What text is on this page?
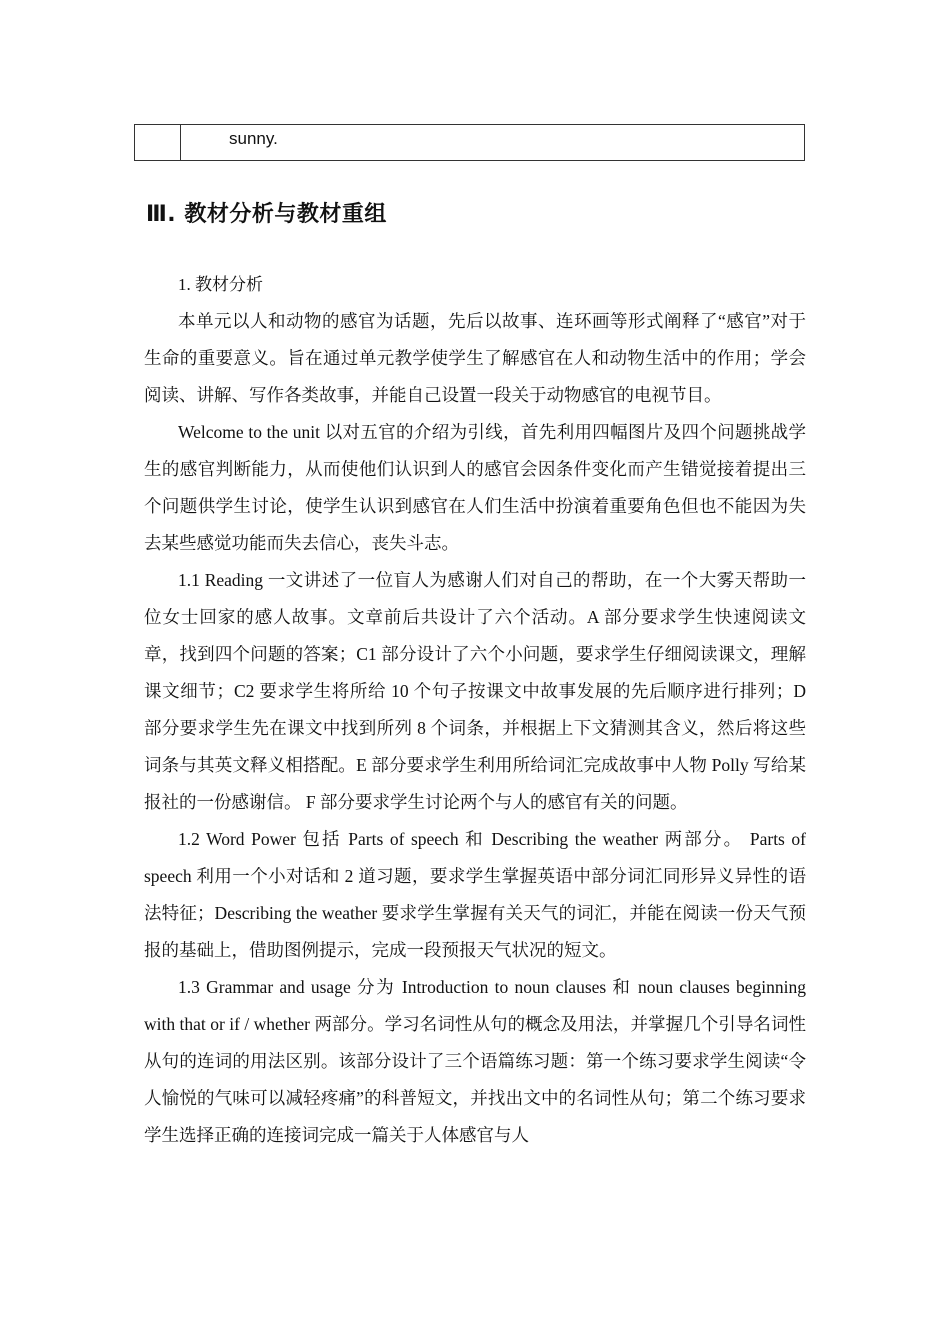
	sunny.
Ⅲ. 教材分析与教材重组
1. 教材分析

本单元以人和动物的感官为话题，先后以故事、连环画等形式阐释了“感官”对于生命的重要意义。旨在通过单元教学使学生了解感官在人和动物生活中的作用；学会阅读、讲解、写作各类故事，并能自己设置一段关于动物感官的电视节目。

Welcome to the unit 以对五官的介绍为引线，首先利用四幅图片及四个问题挑战学生的感官判断能力，从而使他们认识到人的感官会因条件变化而产生错觉接着提出三个问题供学生讨论，使学生认识到感官在人们生活中扮演着重要角色但也不能因为失去某些感觉功能而失去信心，丧失斗志。

1.1 Reading 一文讲述了一位盲人为感谢人们对自己的帮助，在一个大雾天帮助一位女士回家的感人故事。文章前后共设计了六个活动。A 部分要求学生快速阅读文章，找到四个问题的答案；C1 部分设计了六个小问题，要求学生仔细阅读课文，理解课文细节；C2 要求学生将所给 10 个句子按课文中故事发展的先后顺序进行排列；D 部分要求学生先在课文中找到所列 8 个词条，并根据上下文猜测其含义，然后将这些词条与其英文释义相搭配。E 部分要求学生利用所给词汇完成故事中人物 Polly 写给某报社的一份感谢信。 F 部分要求学生讨论两个与人的感官有关的问题。

1.2 Word Power 包括 Parts of speech 和 Describing the weather 两部分。 Parts of speech 利用一个小对话和 2 道习题，要求学生掌握英语中部分词汇同形异义异性的语法特征；Describing the weather 要求学生掌握有关天气的词汇，并能在阅读一份天气预报的基础上，借助图例提示，完成一段预报天气状况的短文。

1.3 Grammar and usage 分为 Introduction to noun clauses 和 noun clauses beginning with that or if / whether 两部分。学习名词性从句的概念及用法，并掌握几个引导名词性从句的连词的用法区别。该部分设计了三个语篇练习题：第一个练习要求学生阅读“令人愉悦的气味可以减轻疼痛”的科普短文，并找出文中的名词性从句；第二个练习要求学生选择正确的连接词完成一篇关于人体感官与人
